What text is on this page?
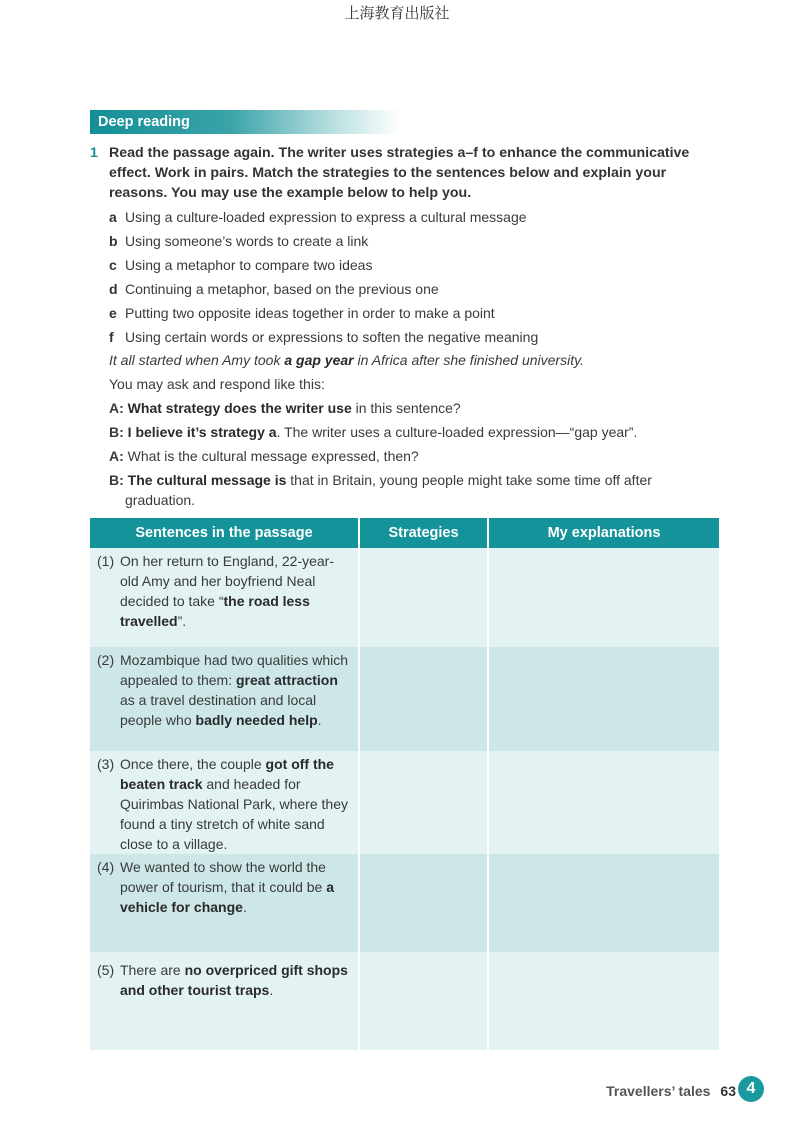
上海教育出版社
Deep reading
1 Read the passage again. The writer uses strategies a–f to enhance the communicative effect. Work in pairs. Match the strategies to the sentences below and explain your reasons. You may use the example below to help you.
a Using a culture-loaded expression to express a cultural message
b Using someone’s words to create a link
c Using a metaphor to compare two ideas
d Continuing a metaphor, based on the previous one
e Putting two opposite ideas together in order to make a point
f Using certain words or expressions to soften the negative meaning
It all started when Amy took a gap year in Africa after she finished university.
You may ask and respond like this:
A: What strategy does the writer use in this sentence?
B: I believe it’s strategy a. The writer uses a culture-loaded expression—“gap year”.
A: What is the cultural message expressed, then?
B: The cultural message is that in Britain, young people might take some time off after graduation.
Sentences in the passage	Strategies	My explanations

(1) On her return to England, 22-year-old Amy and her boyfriend Neal decided to take “the road less travelled”.		

(2) Mozambique had two qualities which appealed to them: great attraction as a travel destination and local people who badly needed help.		

(3) Once there, the couple got off the beaten track and headed for Quirimbas National Park, where they found a tiny stretch of white sand close to a village.		

(4) We wanted to show the world the power of tourism, that it could be a vehicle for change.		

(5) There are no overpriced gift shops and other tourist traps.		

Travellers’ tales 63 4
